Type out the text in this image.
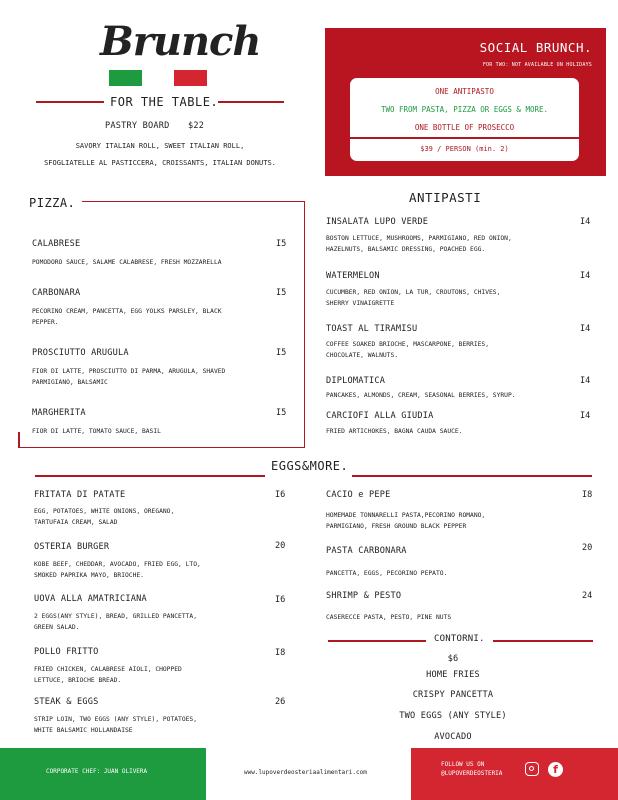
Brunch
FOR THE TABLE.
PASTRY BOARD $22
SAVORY ITALIAN ROLL, SWEET ITALIAN ROLL,
SFOGLIATELLE AL PASTICCERA, CROISSANTS, ITALIAN DONUTS.
SOCIAL BRUNCH.
FOR TWO: NOT AVAILABLE ON HOLIDAYS
ONE ANTIPASTO
TWO FROM PASTA, PIZZA OR EGGS & MORE.
ONE BOTTLE OF PROSECCO
$39 / PERSON (min. 2)
PIZZA.
CALABRESE	I5
POMODORO SAUCE, SALAME CALABRESE, FRESH MOZZARELLA
CARBONARA	I5
PECORINO CREAM, PANCETTA, EGG YOLKS PARSLEY, BLACK
PEPPER.
PROSCIUTTO ARUGULA	I5
FIOR DI LATTE, PROSCIUTTO DI PARMA, ARUGULA, SHAVED
PARMIGIANO, BALSAMIC
MARGHERITA	I5
FIOR DI LATTE, TOMATO SAUCE, BASIL
ANTIPASTI
INSALATA LUPO VERDE	I4
BOSTON LETTUCE, MUSHROOMS, PARMIGIANO, RED ONION,
HAZELNUTS, BALSAMIC DRESSING, POACHED EGG.
WATERMELON	I4
CUCUMBER, RED ONION, LA TUR, CROUTONS, CHIVES,
SHERRY VINAIGRETTE
TOAST AL TIRAMISU	I4
COFFEE SOAKED BRIOCHE, MASCARPONE, BERRIES,
CHOCOLATE, WALNUTS.
DIPLOMATICA	I4
PANCAKES, ALMONDS, CREAM, SEASONAL BERRIES, SYRUP.
CARCIOFI ALLA GIUDIA	I4
FRIED ARTICHOKES, BAGNA CAUDA SAUCE.
EGGS&MORE.
FRITATA DI PATATE	I6
EGG, POTATOES, WHITE ONIONS, OREGANO,
TARTUFAIA CREAM, SALAD
OSTERIA BURGER	20
KOBE BEEF, CHEDDAR, AVOCADO, FRIED EGG, LTO,
SMOKED PAPRIKA MAYO, BRIOCHE.
UOVA ALLA AMATRICIANA	I6
2 EGGS(ANY STYLE), BREAD, GRILLED PANCETTA,
GREEN SALAD.
POLLO FRITTO	I8
FRIED CHICKEN, CALABRESE AIOLI, CHOPPED
LETTUCE, BRIOCHE BREAD.
STEAK & EGGS	26
STRIP LOIN, TWO EGGS (ANY STYLE), POTATOES,
WHITE BALSAMIC HOLLANDAISE
CACIO e PEPE	I8
HOMEMADE TONNARELLI PASTA,PECORINO ROMANO,
PARMIGIANO, FRESH GROUND BLACK PEPPER
PASTA CARBONARA	20
PANCETTA, EGGS, PECORINO PEPATO.
SHRIMP & PESTO	24
CASERECCE PASTA, PESTO, PINE NUTS
CONTORNI.
$6
HOME FRIES
CRISPY PANCETTA
TWO EGGS (ANY STYLE)
AVOCADO
CORPORATE CHEF: JUAN OLIVERA	www.lupoverdeosteriaalimentari.com
FOLLOW US ON
@LUPOVERDEOSTERIA	f
